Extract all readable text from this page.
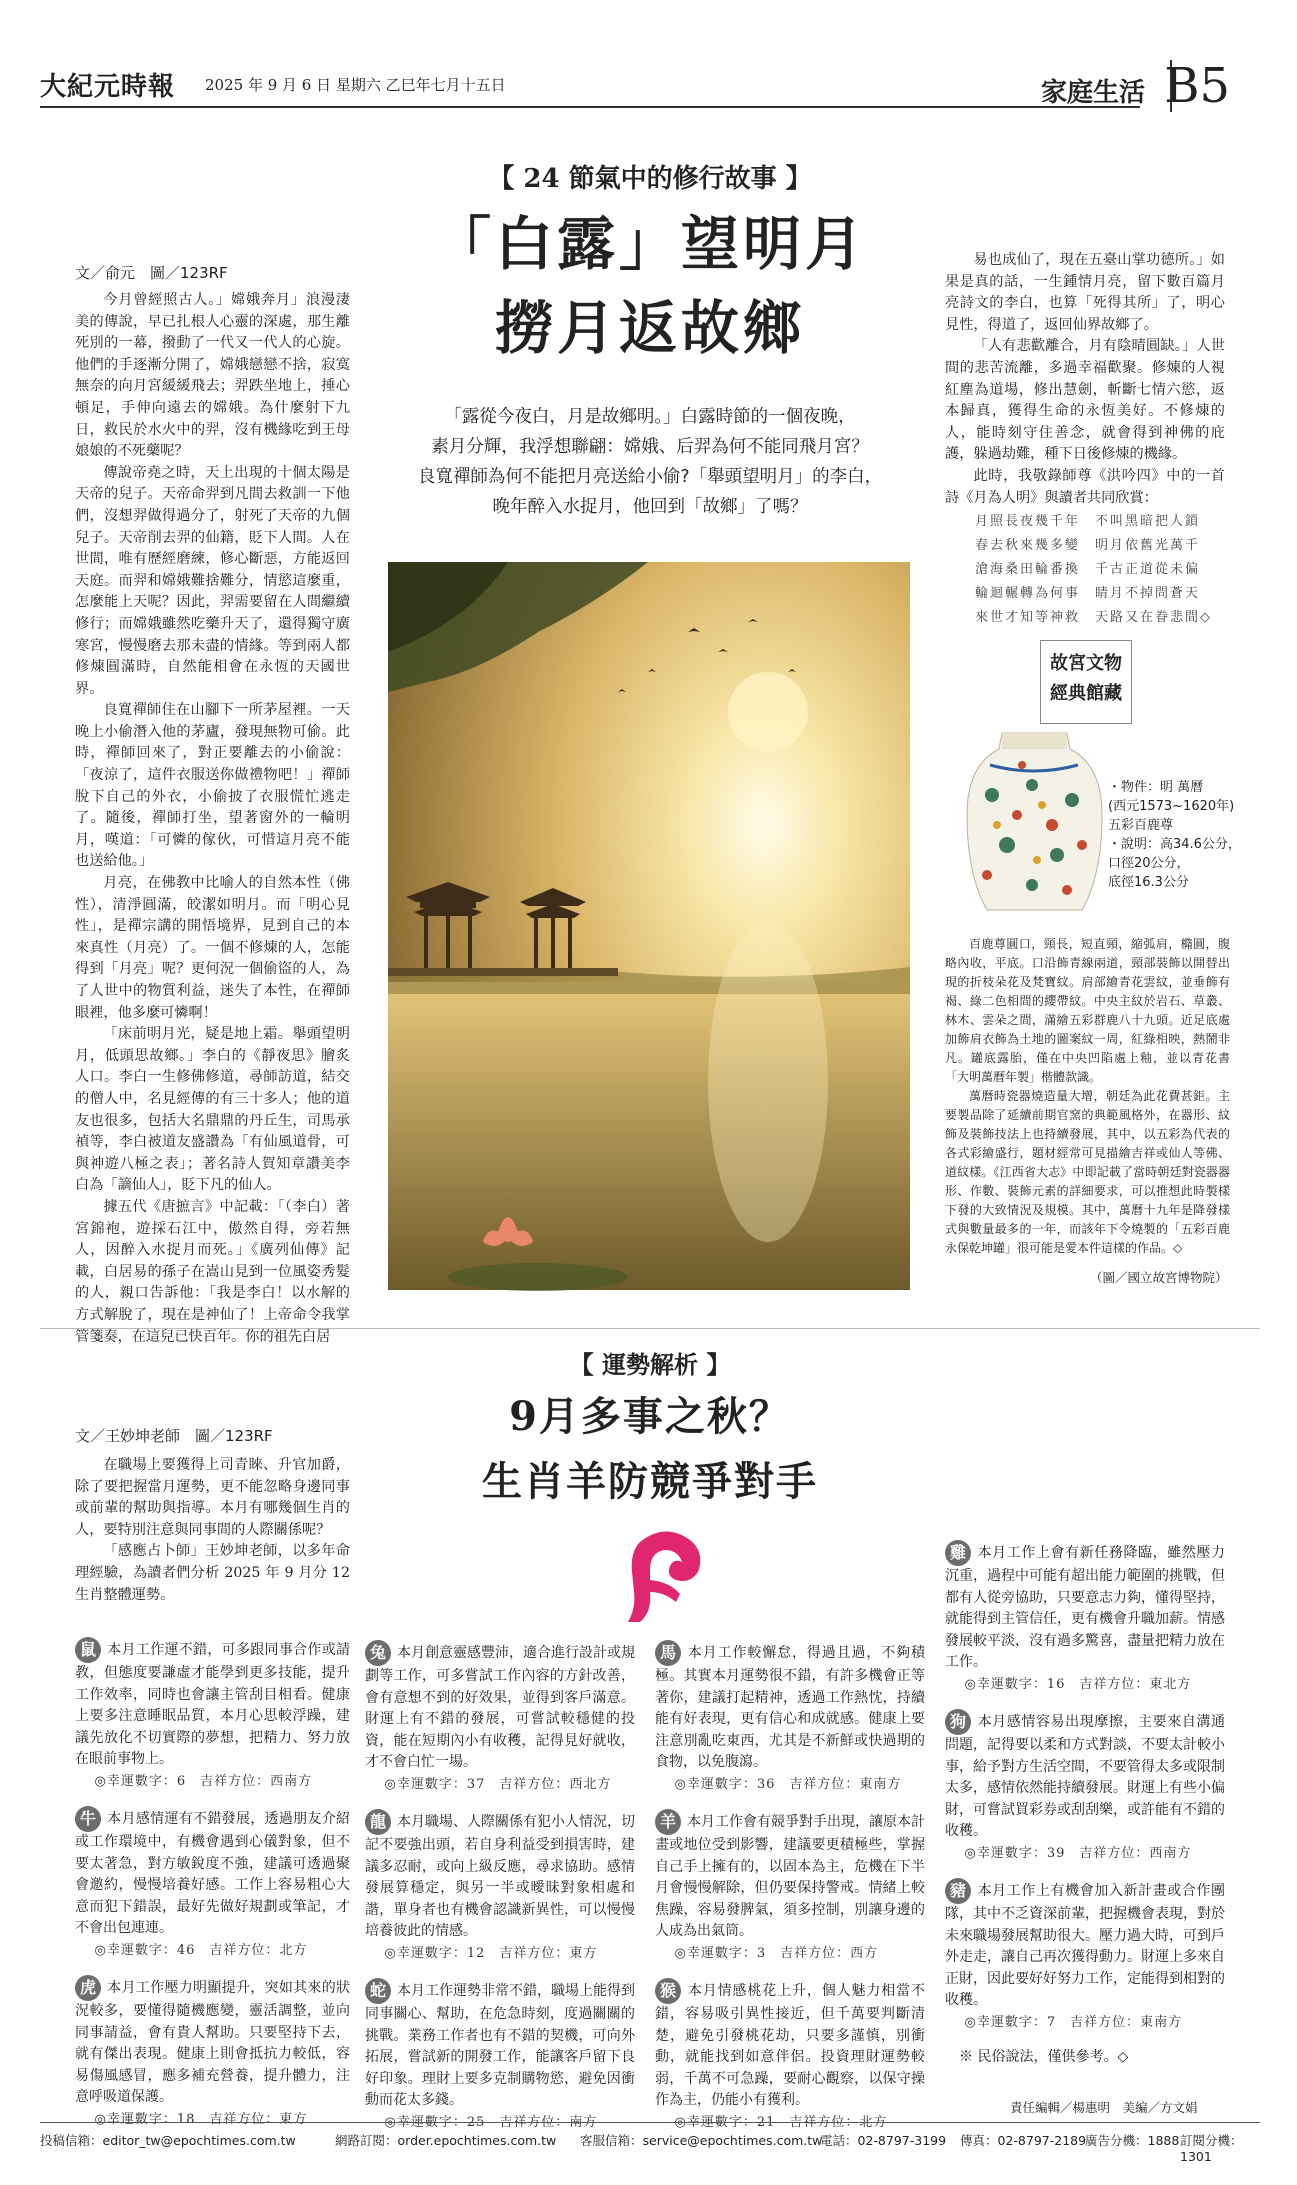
大紀元時報 2025 年 9 月 6 日 星期六 乙巳年七月十五日	家庭生活 B5
【 24 節氣中的修行故事 】
「白露」望明月
撈月返故鄉
「露從今夜白，月是故鄉明。」白露時節的一個夜晚，
素月分輝，我浮想聯翩：嫦娥、后羿為何不能同飛月宮？
良寬禪師為何不能把月亮送給小偷?「舉頭望明月」的李白，
晚年醉入水捉月，他回到「故鄉」了嗎？
文／俞元　圖／123RF

今月曾經照古人。」嫦娥奔月」浪漫淒美的傳說，早已扎根人心靈的深處，那生離死別的一幕，撥動了一代又一代人的心旋。他們的手逐漸分開了，嫦娥戀戀不捨，寂寞無奈的向月宮緩緩飛去；羿跌坐地上，捶心頓足，手伸向遠去的嫦娥。為什麼射下九日，救民於水火中的羿，沒有機緣吃到王母娘娘的不死藥呢？

傳說帝堯之時，天上出現的十個太陽是天帝的兒子。天帝命羿到凡間去救訓一下他們，沒想羿做得過分了，射死了天帝的九個兒子。天帝削去羿的仙籍，貶下人間。人在世間，唯有歷經磨練，修心斷惡，方能返回天庭。而羿和嫦娥難捨難分，情慾這麼重，怎麼能上天呢？因此，羿需要留在人間繼續修行；而嫦娥雖然吃藥升天了，還得獨守廣寒宮，慢慢磨去那未盡的情緣。等到兩人都修煉圓滿時，自然能相會在永恆的天國世界。

良寬禪師住在山腳下一所茅屋裡。一天晚上小偷潛入他的茅廬，發現無物可偷。此時，禪師回來了，對正要離去的小偷說：「夜涼了，這件衣服送你做禮物吧！」禪師脫下自己的外衣，小偷披了衣服慌忙逃走了。隨後，禪師打坐，望著窗外的一輪明月，嘆道：「可憐的傢伙，可惜這月亮不能也送給他。」

月亮，在佛教中比喻人的自然本性（佛性），清淨圓滿，皎潔如明月。而「明心見性」，是禪宗講的開悟境界，見到自己的本來真性（月亮）了。一個不修煉的人，怎能得到「月亮」呢？更何況一個偷盜的人，為了人世中的物質利益，迷失了本性，在禪師眼裡，他多麼可憐啊！

「床前明月光，疑是地上霜。舉頭望明月，低頭思故鄉。」李白的《靜夜思》膾炙人口。李白一生修佛修道，尋師訪道，結交的僧人中，名見經傳的有三十多人；他的道友也很多，包括大名鼎鼎的丹丘生，司馬承禎等，李白被道友盛讚為「有仙風道骨，可與神遊八極之表」；著名詩人賀知章讚美李白為「謫仙人」，貶下凡的仙人。

據五代《唐摭言》中記載：「（李白）著宮錦袍，遊採石江中，傲然自得，旁若無人，因醉入水捉月而死。」《廣列仙傳》記載，白居易的孫子在嵩山見到一位風姿秀髮的人，親口告訴他：「我是李白！以水解的方式解脫了，現在是神仙了！上帝命令我掌管箋奏，在這兒已快百年。你的祖先白居

易也成仙了，現在五臺山掌功德所。」如果是真的話，一生鍾情月亮，留下數百篇月亮詩文的李白，也算「死得其所」了，明心見性，得道了，返回仙界故鄉了。

「人有悲歡離合，月有陰晴圓缺。」人世間的悲苦流離，多過幸福歡聚。修煉的人視紅塵為道場，修出慧劍，斬斷七情六慾，返本歸真，獲得生命的永恆美好。不修煉的人，能時刻守住善念，就會得到神佛的庇護，躲過劫難，種下日後修煉的機緣。

此時，我敬錄師尊《洪吟四》中的一首詩《月為人明》與讀者共同欣賞：

月照長夜幾千年　不叫黑暗把人鎖
春去秋來幾多變　明月依舊光萬千
滄海桑田輪番換　千古正道從未偏
輪迴輾轉為何事　睛月不掉問蒼天
來世才知等神救　天路又在眷悲間◇
故宮文物
經典館藏
・物件：明 萬曆
(西元1573~1620年)
五彩百鹿尊
・說明：高34.6公分，
口徑20公分，
底徑16.3公分

百鹿尊圓口，頸長，短直頸，縮弧肩，橢圓，腹略內收，平底。口沿飾青線兩道，頸部裝飾以開替出現的折枝朵花及梵寶紋。肩部繪青花雲紋，並垂飾有褐、綠二色相間的纓帶紋。中央主紋於岩石、草叢、林木、雲朵之間，滿繪五彩群鹿八十九頭。近足底處加飾肩衣飾為土地的圖案紋一周，紅綠相映，熱鬧非凡。罐底露胎，僅在中央凹陷處上釉，並以青花書「大明萬曆年製」楷體款識。

萬曆時瓷器燒造量大增，朝廷為此花費甚鉅。主要製品除了延續前期官窯的典範風格外，在器形、紋飾及裝飾技法上也持續發展，其中，以五彩為代表的各式彩繪盛行，題材經常可見描繪吉祥或仙人等佛、道紋樣。《江西省大志》中即記載了當時朝廷對瓷器器形、作數、裝飾元素的詳細要求，可以推想此時製樣下發的大致情況及規模。其中，萬曆十九年是降發樣式與數量最多的一年，而該年下令燒製的「五彩百鹿永保乾坤罐」很可能是愛本件這樣的作品。◇

（圖／國立故宮博物院）
【 運勢解析 】
9月多事之秋？
生肖羊防競爭對手
文／王妙坤老師　圖／123RF

在職場上要獲得上司青睞、升官加爵，除了要把握當月運勢，更不能忽略身邊同事或前輩的幫助與指導。本月有哪幾個生肖的人，要特別注意與同事間的人際關係呢？

「感應占卜師」王妙坤老師，以多年命理經驗，為讀者們分析 2025 年 9 月分 12 生肖整體運勢。

鼠 本月工作運不錯，可多跟同事合作或請教，但態度要謙虛才能學到更多技能，提升工作效率，同時也會讓主管刮目相看。健康上要多注意睡眠品質，本月心思較浮躁，建議先放化不切實際的夢想，把精力、努力放在眼前事物上。
◎幸運數字：6　吉祥方位：西南方
牛 本月感情運有不錯發展，透過朋友介紹或工作環境中，有機會遇到心儀對象，但不要太著急，對方敏銳度不強，建議可透過聚會邀約，慢慢培養好感。工作上容易粗心大意而犯下錯誤，最好先做好規劃或筆記，才不會出包連連。
◎幸運數字：46　吉祥方位：北方
虎 本月工作壓力明顯提升，突如其來的狀況較多，要懂得隨機應變，靈活調整，並向同事請益，會有貴人幫助。只要堅持下去，就有傑出表現。健康上則會抵抗力較低，容易傷風感冒，應多補充營養，提升體力，注意呼吸道保護。
◎幸運數字：18　吉祥方位：東方
兔 本月創意靈感豐沛，適合進行設計或規劃等工作，可多嘗試工作內容的方針改善，會有意想不到的好效果，並得到客戶滿意。財運上有不錯的發展，可嘗試較穩健的投資，能在短期內小有收穫，記得見好就收，才不會白忙一場。
◎幸運數字：37　吉祥方位：西北方
龍 本月職場、人際關係有犯小人情況，切記不要強出頭，若自身利益受到損害時，建議多忍耐，或向上級反應，尋求協助。感情發展算穩定，與另一半或曖昧對象相處和諧，單身者也有機會認識新異性，可以慢慢培養彼此的情感。
◎幸運數字：12　吉祥方位：東方
蛇 本月工作運勢非常不錯，職場上能得到同事關心、幫助，在危急時刻，度過關關的挑戰。業務工作者也有不錯的契機，可向外拓展，嘗試新的開發工作，能讓客戶留下良好印象。理財上要多克制購物慾，避免因衝動而花太多錢。
◎幸運數字：25　吉祥方位：南方
馬 本月工作較懈怠，得過且過，不夠積極。其實本月運勢很不錯，有許多機會正等著你，建議打起精神，透過工作熱忱，持續能有好表現，更有信心和成就感。健康上要注意別亂吃東西，尤其是不新鮮或快過期的食物，以免腹瀉。
◎幸運數字：36　吉祥方位：東南方
羊 本月工作會有競爭對手出現，讓原本計畫或地位受到影響，建議要更積極些，掌握自己手上擁有的，以固本為主，危機在下半月會慢慢解除，但仍要保持警戒。情緒上較焦躁，容易發脾氣，須多控制，別讓身邊的人成為出氣筒。
◎幸運數字：3　吉祥方位：西方
猴 本月情感桃花上升，個人魅力相當不錯，容易吸引異性接近，但千萬要判斷清楚，避免引發桃花劫，只要多謹慎，別衝動，就能找到如意伴侶。投資理財運勢較弱，千萬不可急躁，要耐心觀察，以保守操作為主，仍能小有獲利。
◎幸運數字：21　吉祥方位：北方
雞 本月工作上會有新任務降臨，雖然壓力沉重，過程中可能有超出能力範圍的挑戰，但都有人從旁協助，只要意志力夠，懂得堅持，就能得到主管信任，更有機會升職加薪。情感發展較平淡，沒有過多驚喜，盡量把精力放在工作。
◎幸運數字：16　吉祥方位：東北方
狗 本月感情容易出現摩擦，主要來自溝通問題，記得要以柔和方式對談，不要太計較小事，給予對方生活空間，不要管得太多或限制太多，感情依然能持續發展。財運上有些小偏財，可嘗試買彩券或刮刮樂，或許能有不錯的收穫。
◎幸運數字：39　吉祥方位：西南方
豬 本月工作上有機會加入新計畫或合作團隊，其中不乏資深前輩，把握機會表現，對於未來職場發展幫助很大。壓力過大時，可到戶外走走，讓自己再次獲得動力。財運上多來自正財，因此要好好努力工作，定能得到相對的收穫。
◎幸運數字：7　吉祥方位：東南方
※ 民俗說法，僅供參考。◇
責任編輯／楊惠明　美編／方文娟
投稿信箱：editor_tw@epochtimes.com.tw	網路訂閱：order.epochtimes.com.tw 客服信箱：service@epochtimes.com.tw
電話：02-8797-3199 傳真：02-8797-2189
廣告分機：1888 訂閱分機：1301
